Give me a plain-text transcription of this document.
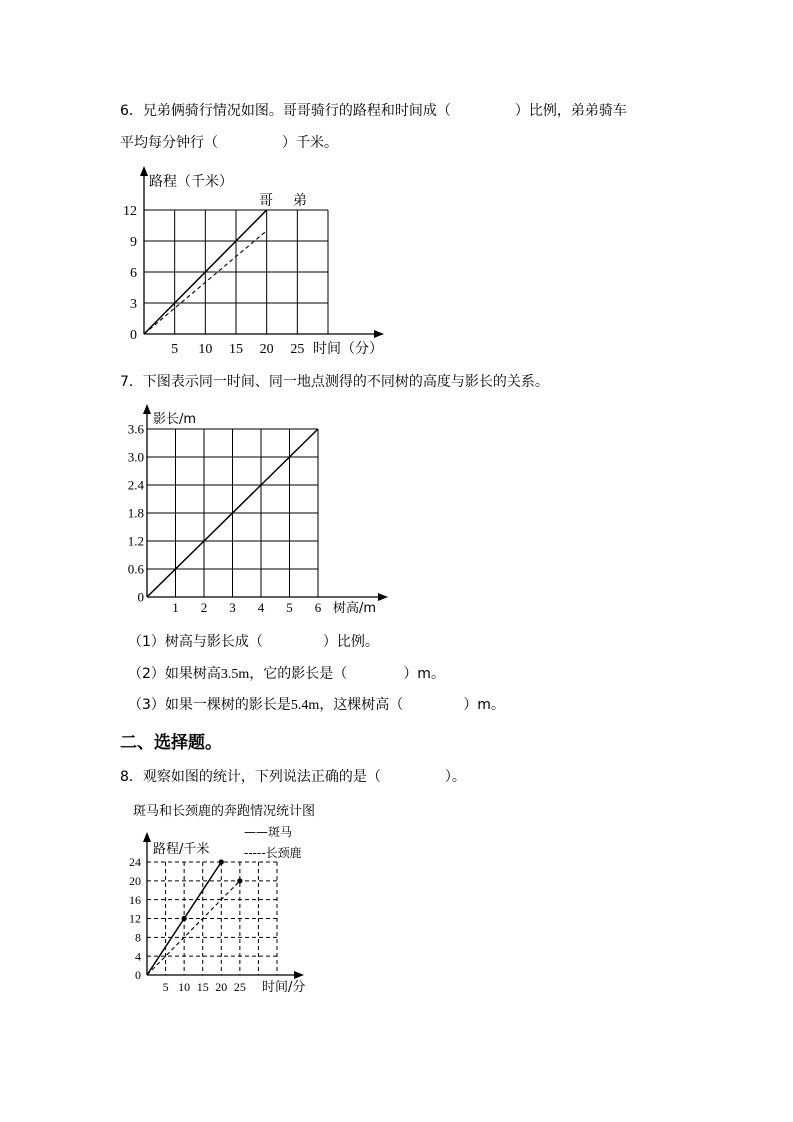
6．兄弟俩骑行情况如图。哥哥骑行的路程和时间成（	）比例，弟弟骑车
平均每分钟行（	）千米。
路程（千米）
时间（分）
5 10 15 20 25
0
3
6
9
12
哥 弟
7．下图表示同一时间、同一地点测得的不同树的高度与影长的关系。
影长/m
树高/m
1 2 3 4 5 6
0
0.6
1.2
1.8
2.4
3.0
3.6
（1）树高与影长成（	）比例。
（2）如果树高3.5m，它的影长是（	）m。
（3）如果一棵树的影长是5.4m，这棵树高（	）m。
二、选择题。
8．观察如图的统计，下列说法正确的是（	）。
路程/千米
时间/分
5 10 15 20 25
0
4
8
12
16
20
24
斑马和长颈鹿的奔跑情况统计图
——斑马
-----长颈鹿
